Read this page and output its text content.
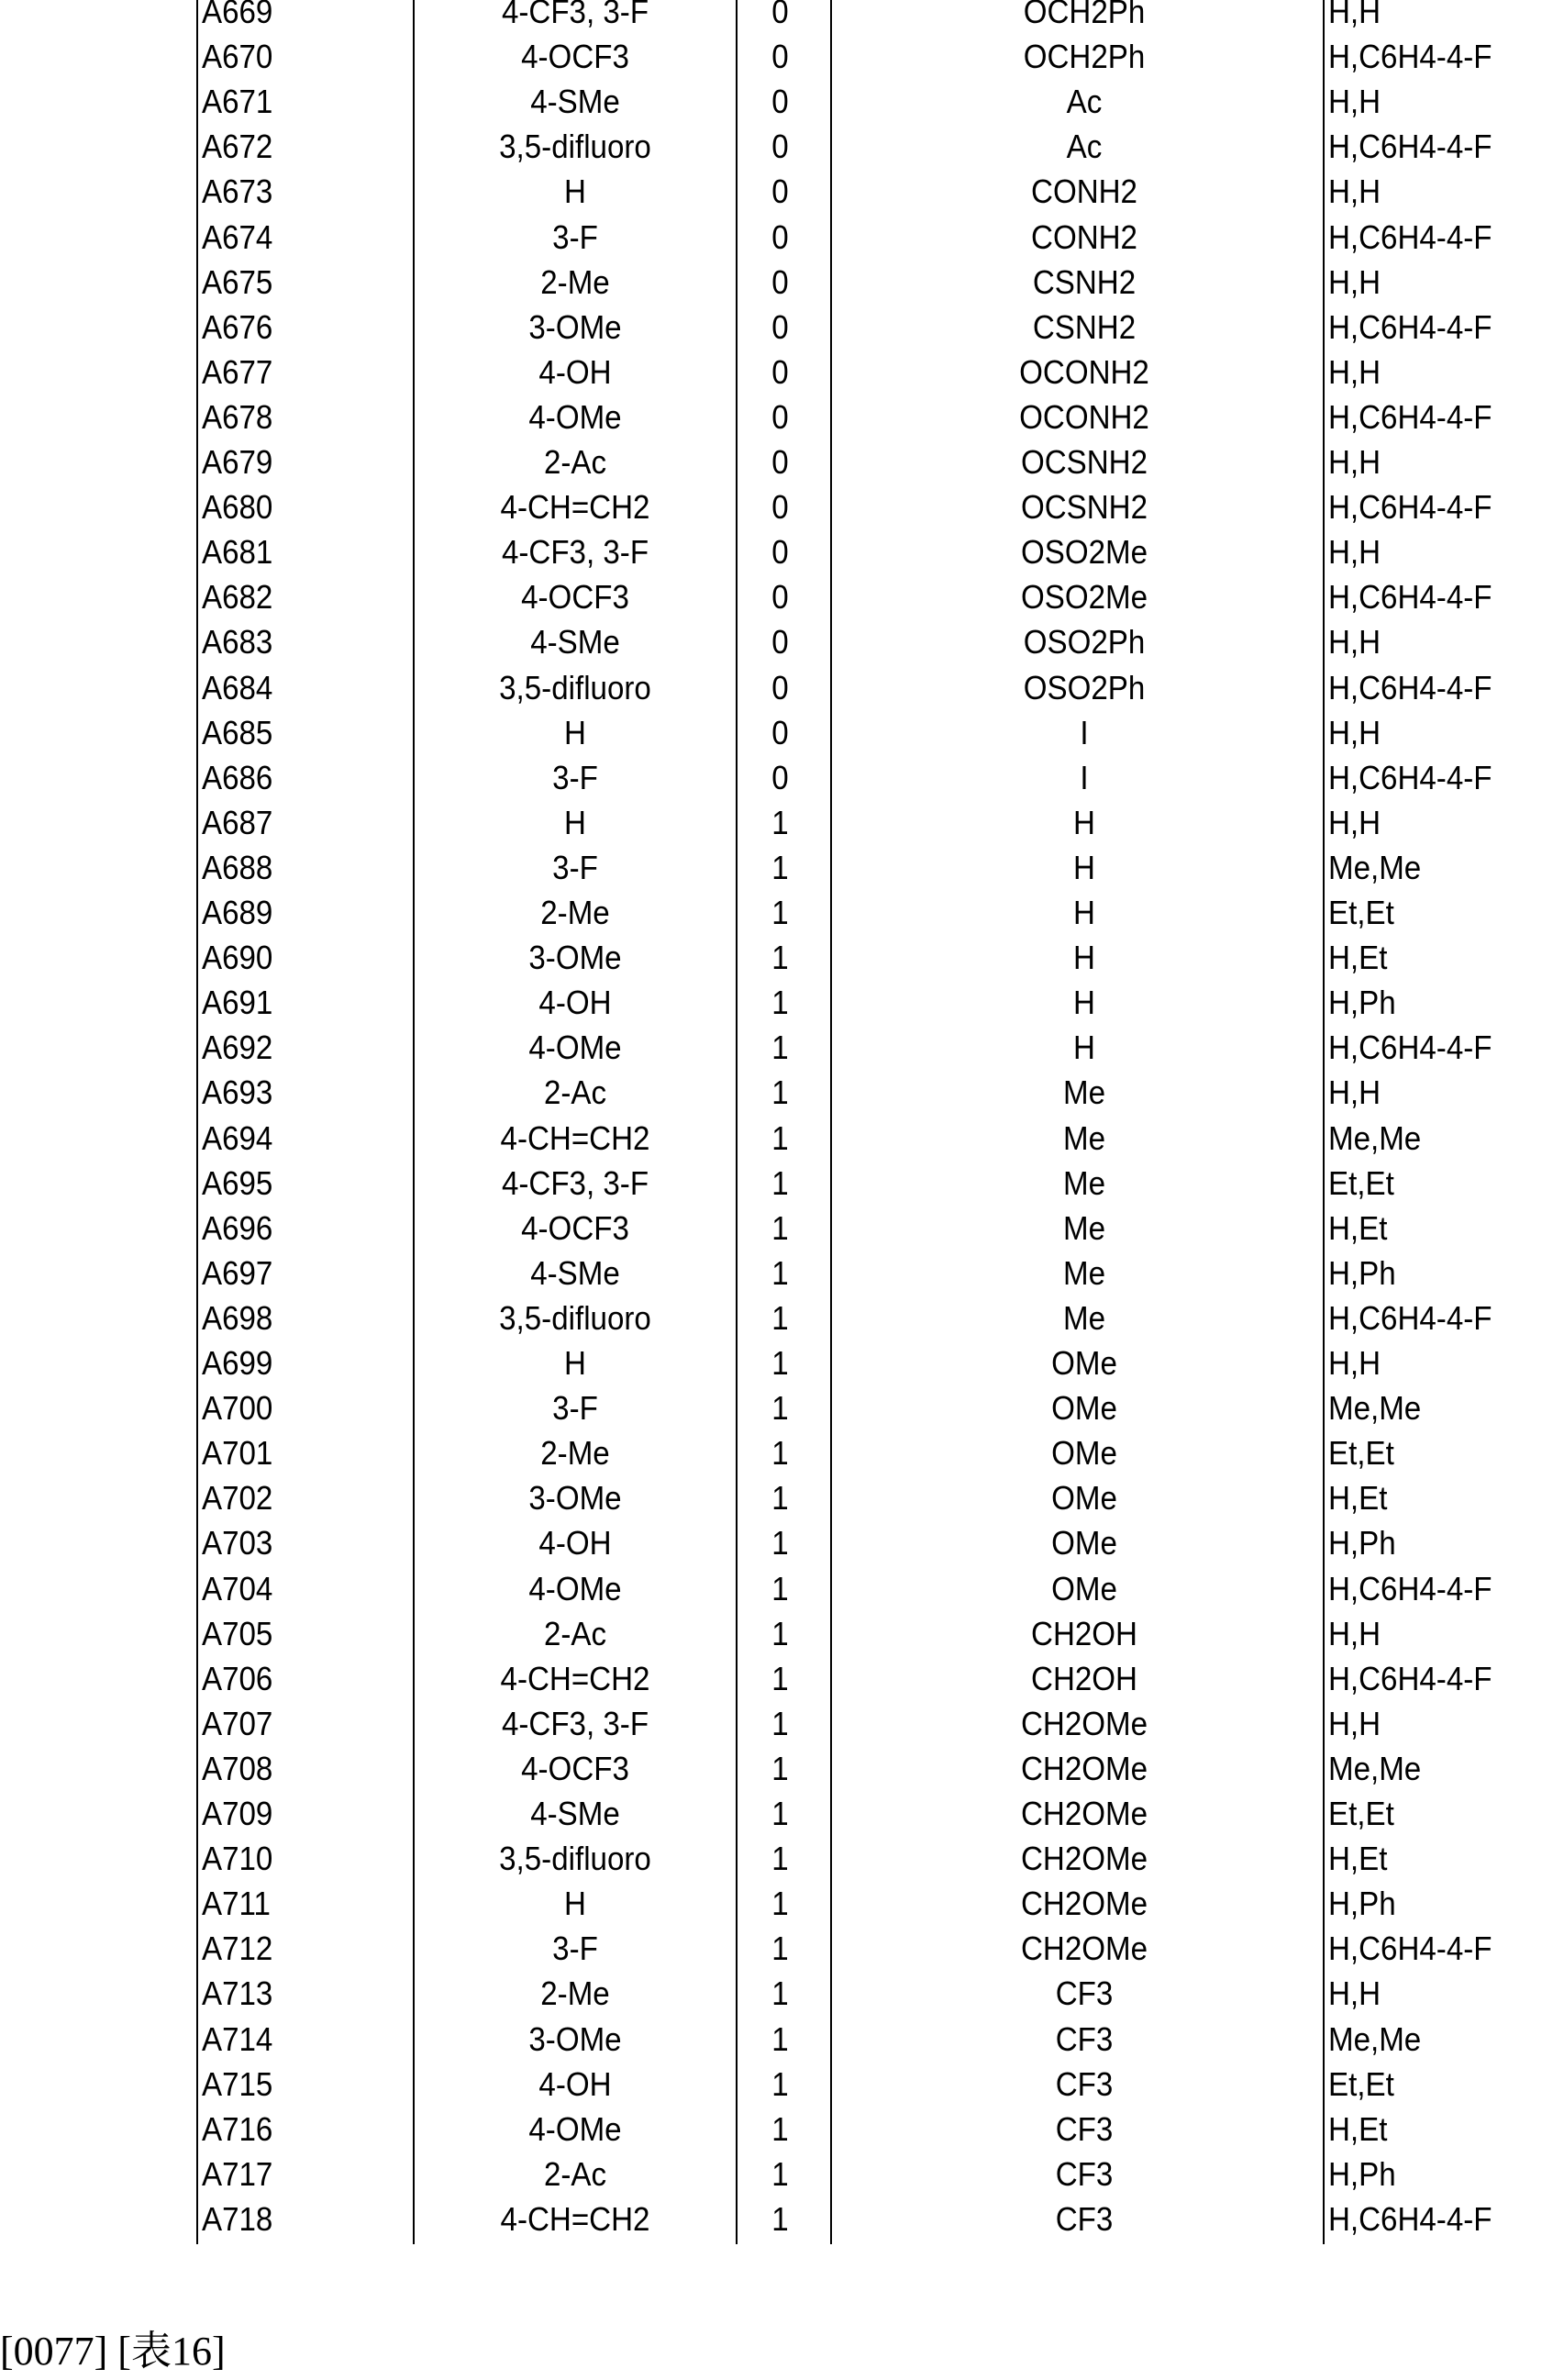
A669	4-CF3, 3-F	0	OCH2Ph	H,H
A670	4-OCF3	0	OCH2Ph	H,C6H4-4-F
A671	4-SMe	0	Ac	H,H
A672	3,5-difluoro	0	Ac	H,C6H4-4-F
A673	H	0	CONH2	H,H
A674	3-F	0	CONH2	H,C6H4-4-F
A675	2-Me	0	CSNH2	H,H
A676	3-OMe	0	CSNH2	H,C6H4-4-F
A677	4-OH	0	OCONH2	H,H
A678	4-OMe	0	OCONH2	H,C6H4-4-F
A679	2-Ac	0	OCSNH2	H,H
A680	4-CH=CH2	0	OCSNH2	H,C6H4-4-F
A681	4-CF3, 3-F	0	OSO2Me	H,H
A682	4-OCF3	0	OSO2Me	H,C6H4-4-F
A683	4-SMe	0	OSO2Ph	H,H
A684	3,5-difluoro	0	OSO2Ph	H,C6H4-4-F
A685	H	0	I	H,H
A686	3-F	0	I	H,C6H4-4-F
A687	H	1	H	H,H
A688	3-F	1	H	Me,Me
A689	2-Me	1	H	Et,Et
A690	3-OMe	1	H	H,Et
A691	4-OH	1	H	H,Ph
A692	4-OMe	1	H	H,C6H4-4-F
A693	2-Ac	1	Me	H,H
A694	4-CH=CH2	1	Me	Me,Me
A695	4-CF3, 3-F	1	Me	Et,Et
A696	4-OCF3	1	Me	H,Et
A697	4-SMe	1	Me	H,Ph
A698	3,5-difluoro	1	Me	H,C6H4-4-F
A699	H	1	OMe	H,H
A700	3-F	1	OMe	Me,Me
A701	2-Me	1	OMe	Et,Et
A702	3-OMe	1	OMe	H,Et
A703	4-OH	1	OMe	H,Ph
A704	4-OMe	1	OMe	H,C6H4-4-F
A705	2-Ac	1	CH2OH	H,H
A706	4-CH=CH2	1	CH2OH	H,C6H4-4-F
A707	4-CF3, 3-F	1	CH2OMe	H,H
A708	4-OCF3	1	CH2OMe	Me,Me
A709	4-SMe	1	CH2OMe	Et,Et
A710	3,5-difluoro	1	CH2OMe	H,Et
A711	H	1	CH2OMe	H,Ph
A712	3-F	1	CH2OMe	H,C6H4-4-F
A713	2-Me	1	CF3	H,H
A714	3-OMe	1	CF3	Me,Me
A715	4-OH	1	CF3	Et,Et
A716	4-OMe	1	CF3	H,Et
A717	2-Ac	1	CF3	H,Ph
A718	4-CH=CH2	1	CF3	H,C6H4-4-F
[0077] [表16]
